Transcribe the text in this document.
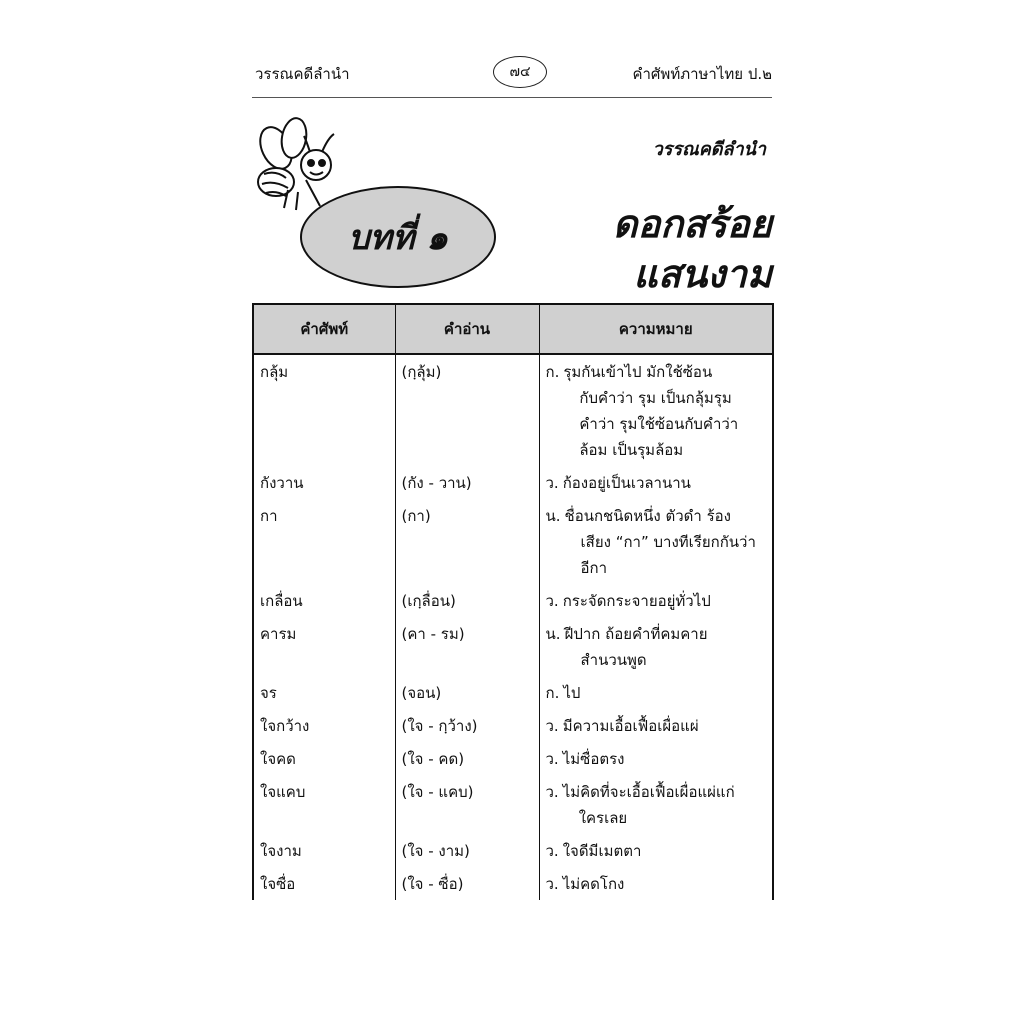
วรรณคดีลำนำ	๗๔	คำศัพท์ภาษาไทย ป.๒
วรรณคดีลำนำ
บทที่ ๑	ดอกสร้อย
แสนงาม
คำศัพท์	คำอ่าน	ความหมาย
กลุ้ม	(กฺลุ้ม)	ก. รุมกันเข้าไป มักใช้ซ้อน
กับคำว่า รุม เป็นกลุ้มรุม
คำว่า รุมใช้ซ้อนกับคำว่า
ล้อม เป็นรุมล้อม

กังวาน	(กัง - วาน)	ว. ก้องอยู่เป็นเวลานาน

กา	(กา)	น. ชื่อนกชนิดหนึ่ง ตัวดำ ร้อง
เสียง “กา” บางทีเรียกกันว่า
อีกา

เกลื่อน	(เกฺลื่อน)	ว. กระจัดกระจายอยู่ทั่วไป

คารม	(คา - รม)	น. ฝีปาก ถ้อยคำที่คมคาย
สำนวนพูด

จร	(จอน)	ก. ไป

ใจกว้าง	(ใจ - กฺว้าง)	ว. มีความเอื้อเฟื้อเผื่อแผ่

ใจคด	(ใจ - คด)	ว. ไม่ซื่อตรง

ใจแคบ	(ใจ - แคบ)	ว. ไม่คิดที่จะเอื้อเฟื้อเผื่อแผ่แก่
ใครเลย

ใจงาม	(ใจ - งาม)	ว. ใจดีมีเมตตา

ใจซื่อ	(ใจ - ซื่อ)	ว. ไม่คดโกง
